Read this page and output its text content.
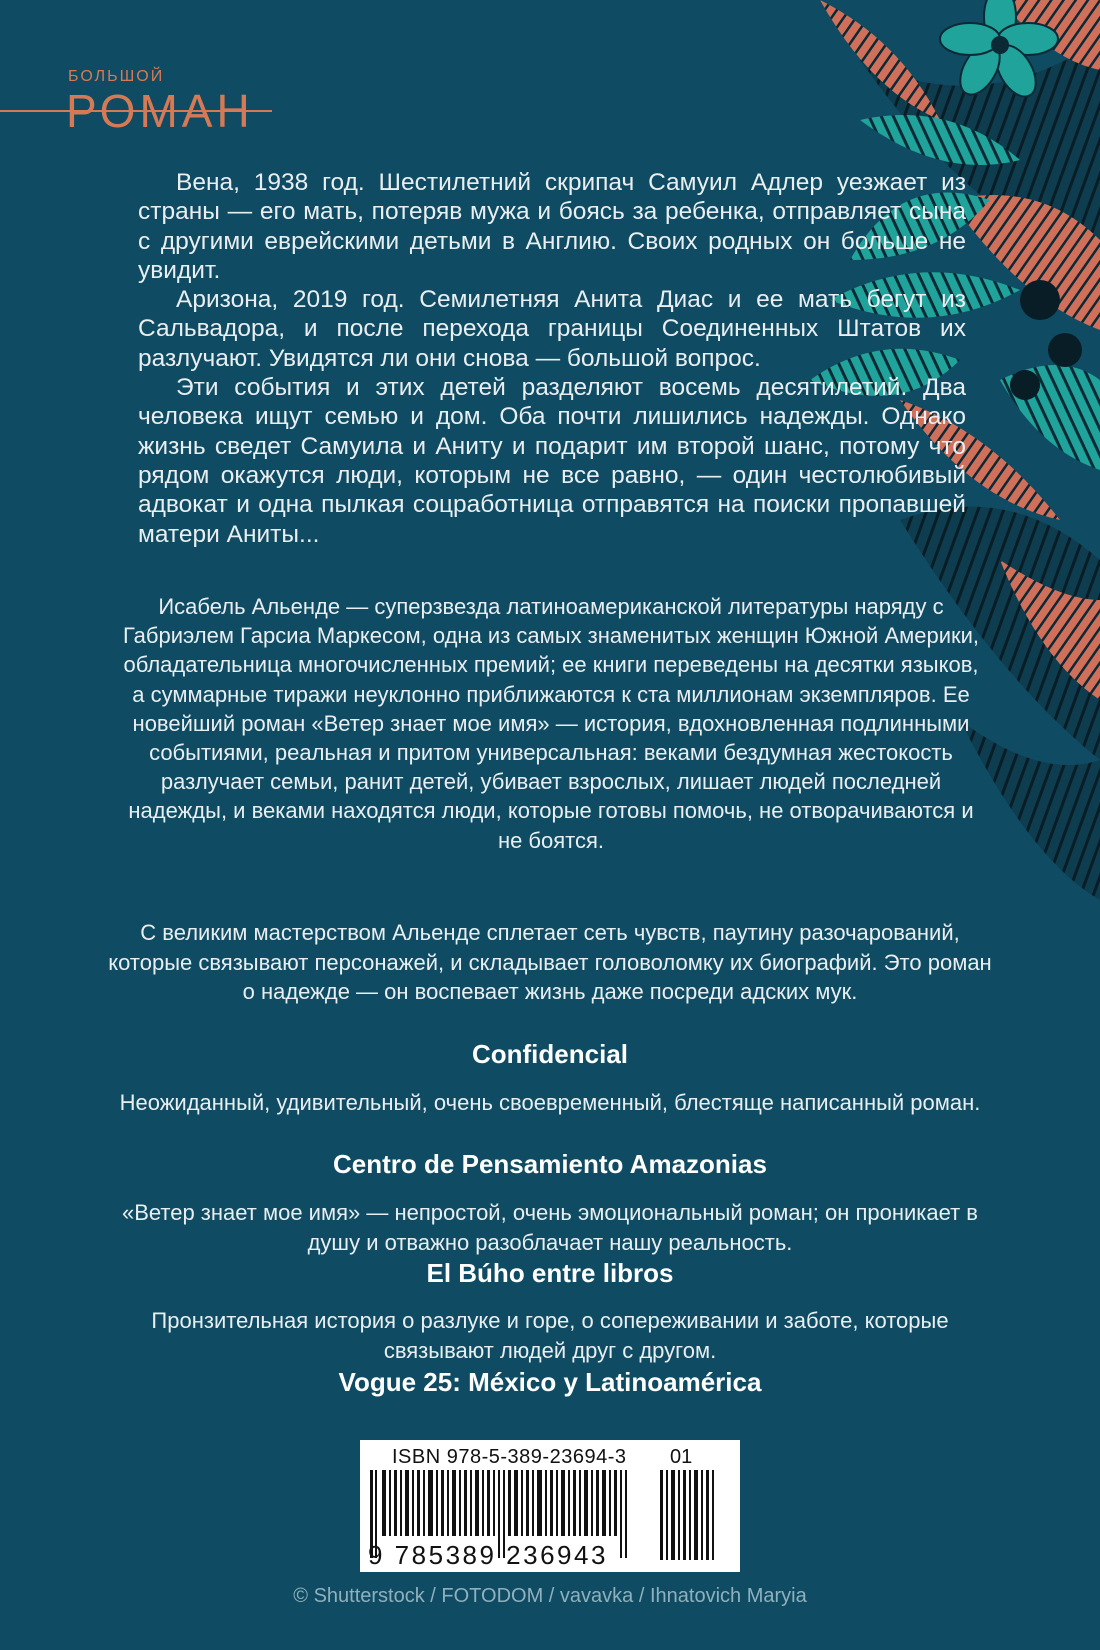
БОЛЬШОЙ
РОМАН

Вена, 1938 год. Шестилетний скрипач Самуил Адлер уезжает из страны — его мать, потеряв мужа и боясь за ребенка, отправляет сына с другими еврейскими детьми в Англию. Своих родных он больше не увидит.

Аризона, 2019 год. Семилетняя Анита Диас и ее мать бегут из Сальвадора, и после перехода границы Соединенных Штатов их разлучают. Увидятся ли они снова — большой вопрос.

Эти события и этих детей разделяют восемь десятилетий. Два человека ищут семью и дом. Оба почти лишились надежды. Однако жизнь сведет Самуила и Аниту и подарит им второй шанс, потому что рядом окажутся люди, которым не все равно, — один честолюбивый адвокат и одна пылкая соцработница отправятся на поиски пропавшей матери Аниты...

Исабель Альенде — суперзвезда латиноамериканской литературы наряду с Габриэлем Гарсиа Маркесом, одна из самых знаменитых женщин Южной Америки, обладательница многочисленных премий; ее книги переведены на десятки языков, а суммарные тиражи неуклонно приближаются к ста миллионам экземпляров. Ее новейший роман «Ветер знает мое имя» — история, вдохновленная подлинными событиями, реальная и притом универсальная: веками бездумная жестокость разлучает семьи, ранит детей, убивает взрослых, лишает людей последней надежды, и веками находятся люди, которые готовы помочь, не отворачиваются и не боятся.

С великим мастерством Альенде сплетает сеть чувств, паутину разочарований, которые связывают персонажей, и складывает головоломку их биографий. Это роман о надежде — он воспевает жизнь даже посреди адских мук.

Confidencial

Неожиданный, удивительный, очень своевременный, блестяще написанный роман.

Centro de Pensamiento Amazonias

«Ветер знает мое имя» — непростой, очень эмоциональный роман; он проникает в душу и отважно разоблачает нашу реальность.

El Búho entre libros

Пронзительная история о разлуке и горе, о сопереживании и заботе, которые связывают людей друг с другом.

Vogue 25: México y Latinoamérica

ISBN 978-5-389-23694-3 01
9 785389 236943
© Shutterstock / FOTODOM / vavavka / Ihnatovich Maryia
